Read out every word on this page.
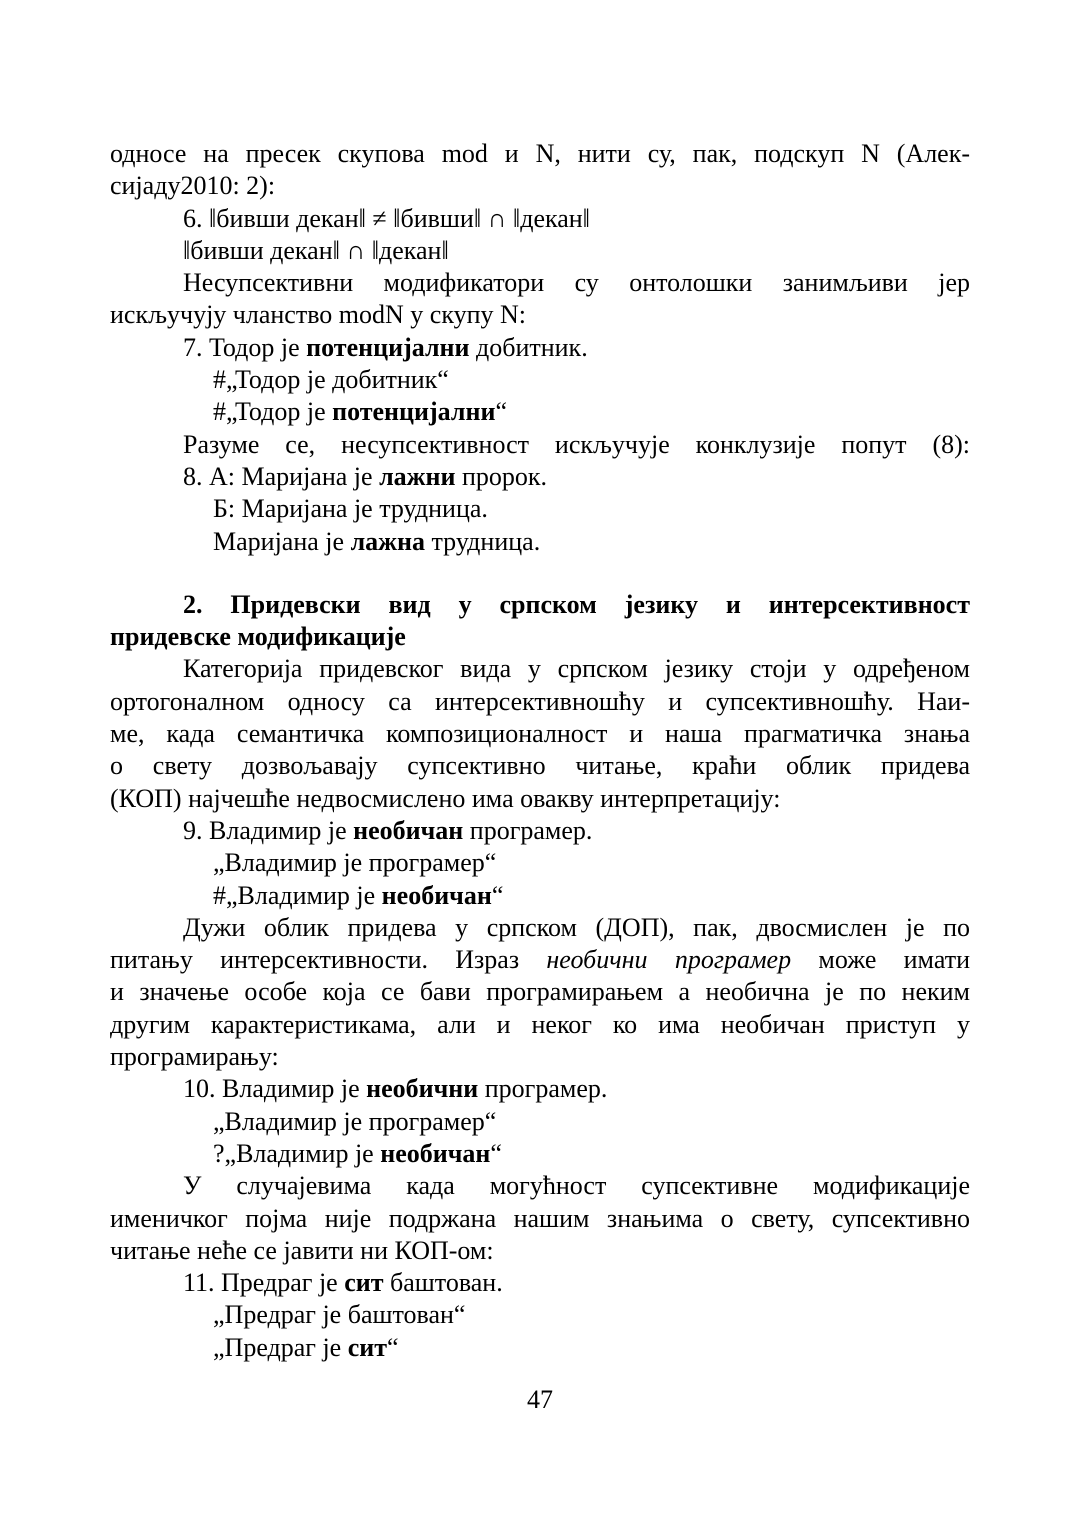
односе на пресек скупова mod и N, нити су, пак, подскуп N (Алек-
сијаду2010: 2):
6. ‖бивши декан‖ ≠ ‖бивши‖ ∩ ‖декан‖
‖бивши декан‖ ∩ ‖декан‖
Несупсективни модификатори су онтолошки занимљиви јер
искључују чланство modN у скупу N:
7. Тодор је потенцијални добитник.
#„Тодор је добитник“
#„Тодор је потенцијални“
Разуме се, несупсективност искључује конклузије попут (8):
8. А: Маријана је лажни пророк.
Б: Маријана је трудница.
Маријана је лажна трудница.
2. Придевски вид у српском језику и интерсективност
придевске модификације
Категорија придевског вида у српском језику стоји у одређеном
ортогоналном односу са интерсективношћу и супсективношћу. Наи-
ме, када семантичка композиционалност и наша прагматичка знања
о свету дозвољавају супсективно читање, краћи облик придева
(КОП) најчешће недвосмислено има овакву интерпретацију:
9. Владимир је необичан програмер.
„Владимир је програмер“
#„Владимир је необичан“
Дужи облик придева у српском (ДОП), пак, двосмислен је по
питању интерсективности. Израз необични програмер може имати
и значење особе која се бави програмирањем а необична је по неким
другим карактеристикама, али и неког ко има необичан приступ у
програмирању:
10. Владимир је необични програмер.
„Владимир је програмер“
?„Владимир је необичан“
У случајевима када могућност супсективне модификације
именичког појма није подржана нашим знањима о свету, супсективно
читање неће се јавити ни КОП-ом:
11. Предраг је сит баштован.
„Предраг је баштован“
„Предраг је сит“
47
